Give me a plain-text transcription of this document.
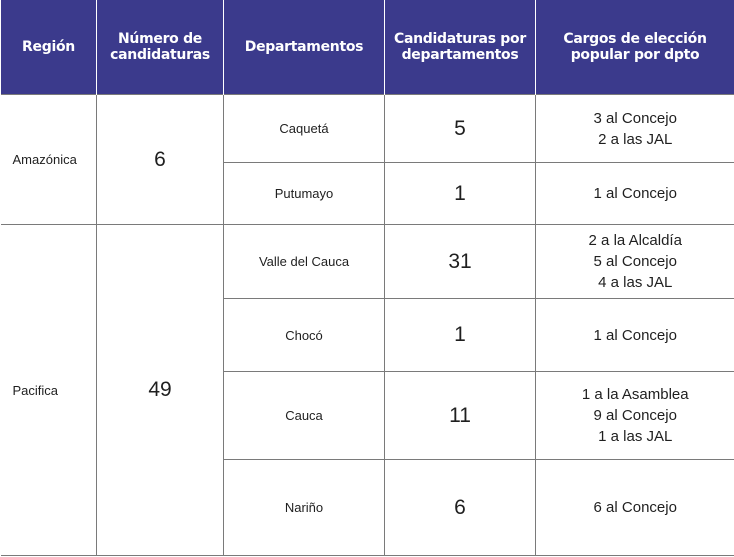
Región	Número de candidaturas	Departamentos	Candidaturas por departamentos	Cargos de elección popular por dpto
Amazónica	6	Caquetá	5	3 al Concejo
2 a las JAL

		Putumayo	1	1 al Concejo

Pacifica	49	Valle del Cauca	31	2 a la Alcaldía
5 al Concejo
4 a las JAL

		Chocó	1	1 al Concejo

		Cauca	11	1 a la Asamblea
9 al Concejo
1 a las JAL

		Nariño	6	6 al Concejo
